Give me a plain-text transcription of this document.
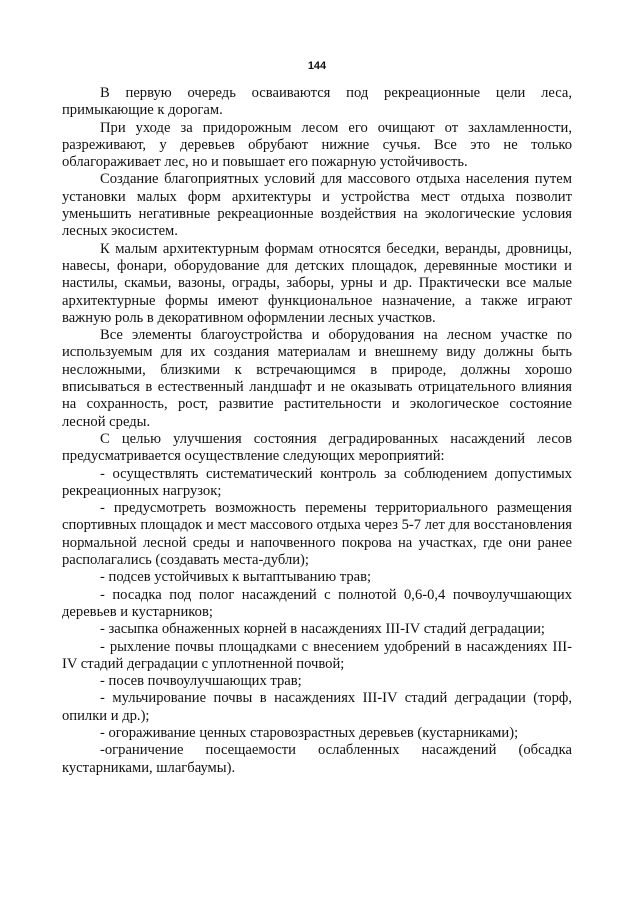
144

В первую очередь осваиваются под рекреационные цели леса, примыкающие к дорогам.

При уходе за придорожным лесом его очищают от захламленности, разреживают, у деревьев обрубают нижние сучья. Все это не только облагораживает лес, но и повышает его пожарную устойчивость.

Создание благоприятных условий для массового отдыха населения путем установки малых форм архитектуры и устройства мест отдыха позволит уменьшить негативные рекреационные воздействия на экологические условия лесных экосистем.

К малым архитектурным формам относятся беседки, веранды, дровницы, навесы, фонари, оборудование для детских площадок, деревянные мостики и настилы, скамьи, вазоны, ограды, заборы, урны и др. Практически все малые архитектурные формы имеют функциональное назначение, а также играют важную роль в декоративном оформлении лесных участков.

Все элементы благоустройства и оборудования на лесном участке по используемым для их создания материалам и внешнему виду должны быть несложными, близкими к встречающимся в природе, должны хорошо вписываться в естественный ландшафт и не оказывать отрицательного влияния на сохранность, рост, развитие растительности и экологическое состояние лесной среды.

С целью улучшения состояния деградированных насаждений лесов предусматривается осуществление следующих мероприятий:

- осуществлять систематический контроль за соблюдением допустимых рекреационных нагрузок;

- предусмотреть возможность перемены территориального размещения спортивных площадок и мест массового отдыха через 5-7 лет для восстановления нормальной лесной среды и напочвенного покрова на участках, где они ранее располагались (создавать места-дубли);

- подсев устойчивых к вытаптыванию трав;

- посадка под полог насаждений с полнотой 0,6-0,4 почвоулучшающих деревьев и кустарников;

- засыпка обнаженных корней в насаждениях III-IV стадий деградации;

- рыхление почвы площадками с внесением удобрений в насаждениях III-IV стадий деградации с уплотненной почвой;

- посев почвоулучшающих трав;

- мульчирование почвы в насаждениях III-IV стадий деградации (торф, опилки и др.);

- огораживание ценных старовозрастных деревьев (кустарниками);

-ограничение посещаемости ослабленных насаждений (обсадка кустарниками, шлагбаумы).
